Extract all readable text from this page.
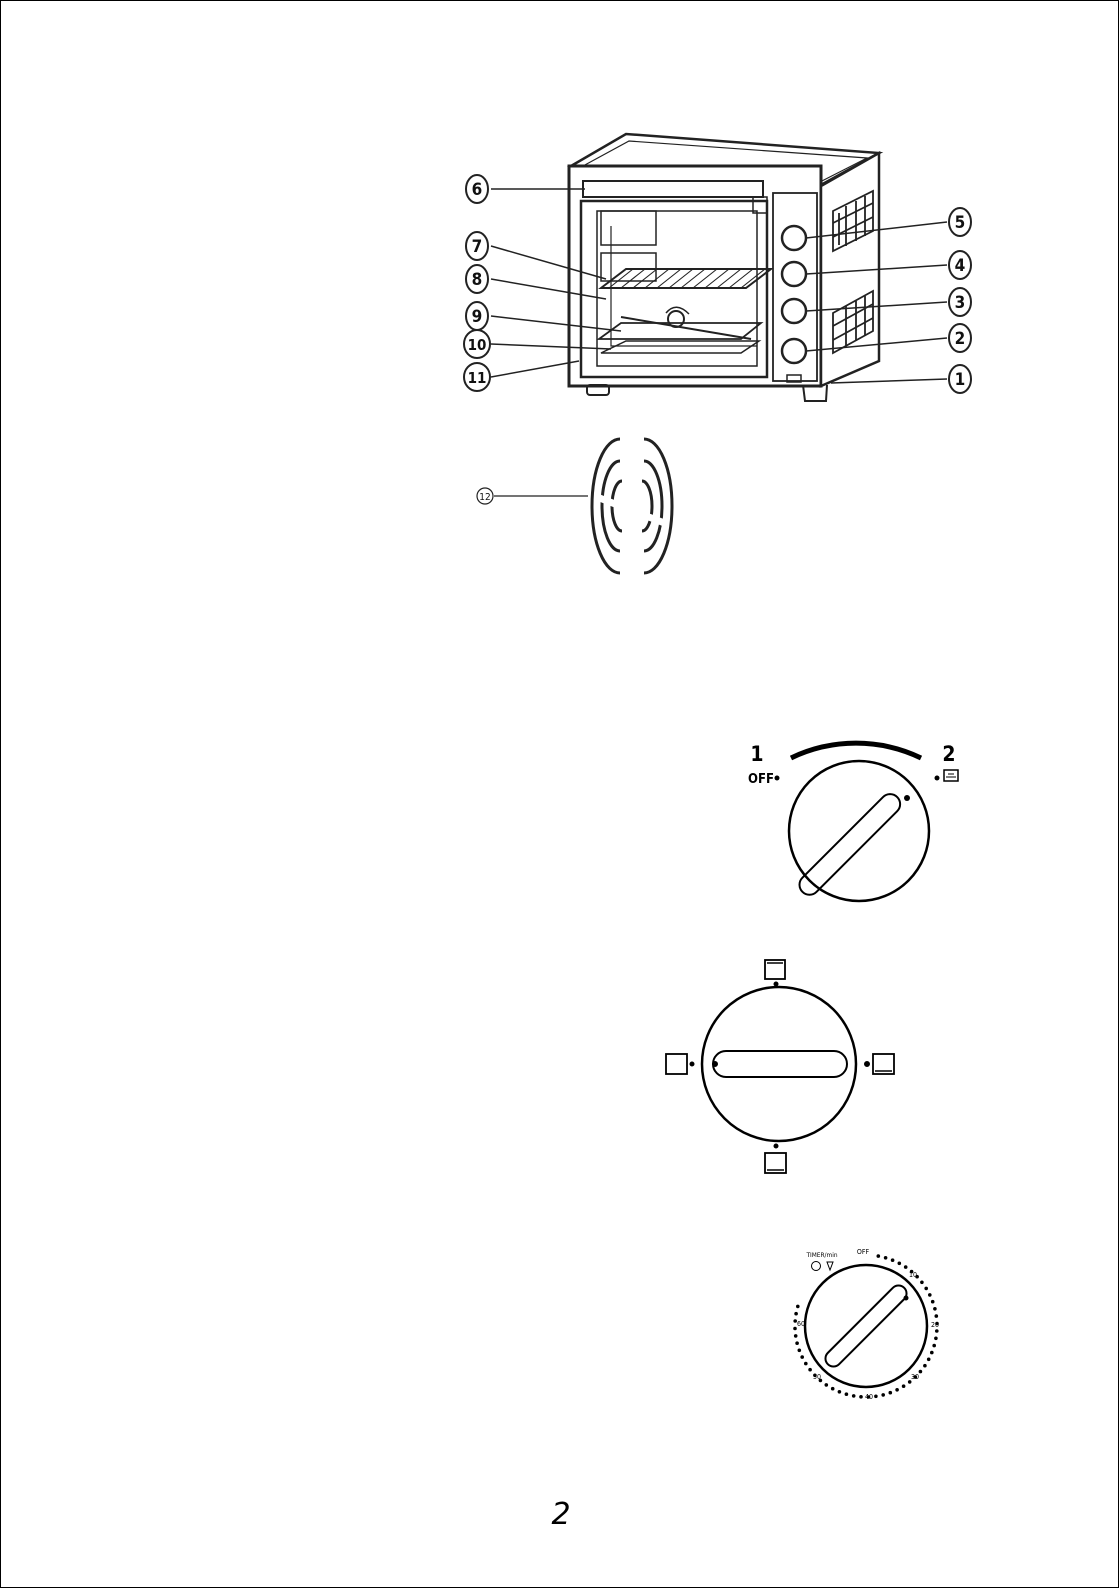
6
7
8
9
10
11
5
4
3
2
1
12
1
OFF
2
TIMER/min	OFF
10
20
30
40
50
60
2
